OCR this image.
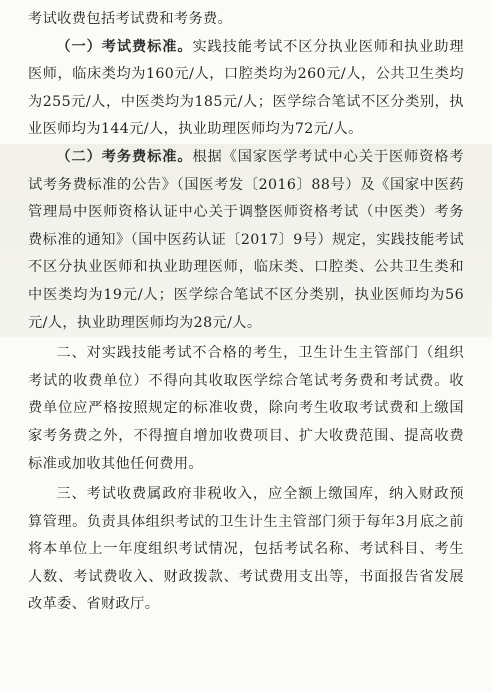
考试收费包括考试费和考务费。

（一）考试费标准。实践技能考试不区分执业医师和执业助理医师，临床类均为160元/人，口腔类均为260元/人，公共卫生类均为255元/人，中医类均为185元/人；医学综合笔试不区分类别，执业医师均为144元/人，执业助理医师均为72元/人。

（二）考务费标准。根据《国家医学考试中心关于医师资格考试考务费标准的公告》（国医考发〔2016〕88号）及《国家中医药管理局中医师资格认证中心关于调整医师资格考试（中医类）考务费标准的通知》（国中医药认证〔2017〕9号）规定，实践技能考试不区分执业医师和执业助理医师，临床类、口腔类、公共卫生类和中医类均为19元/人；医学综合笔试不区分类别，执业医师均为56元/人，执业助理医师均为28元/人。

二、对实践技能考试不合格的考生，卫生计生主管部门（组织考试的收费单位）不得向其收取医学综合笔试考务费和考试费。收费单位应严格按照规定的标准收费，除向考生收取考试费和上缴国家考务费之外，不得擅自增加收费项目、扩大收费范围、提高收费标准或加收其他任何费用。

三、考试收费属政府非税收入，应全额上缴国库，纳入财政预算管理。负责具体组织考试的卫生计生主管部门须于每年3月底之前将本单位上一年度组织考试情况，包括考试名称、考试科目、考生人数、考试费收入、财政拨款、考试费用支出等，书面报告省发展改革委、省财政厅。
